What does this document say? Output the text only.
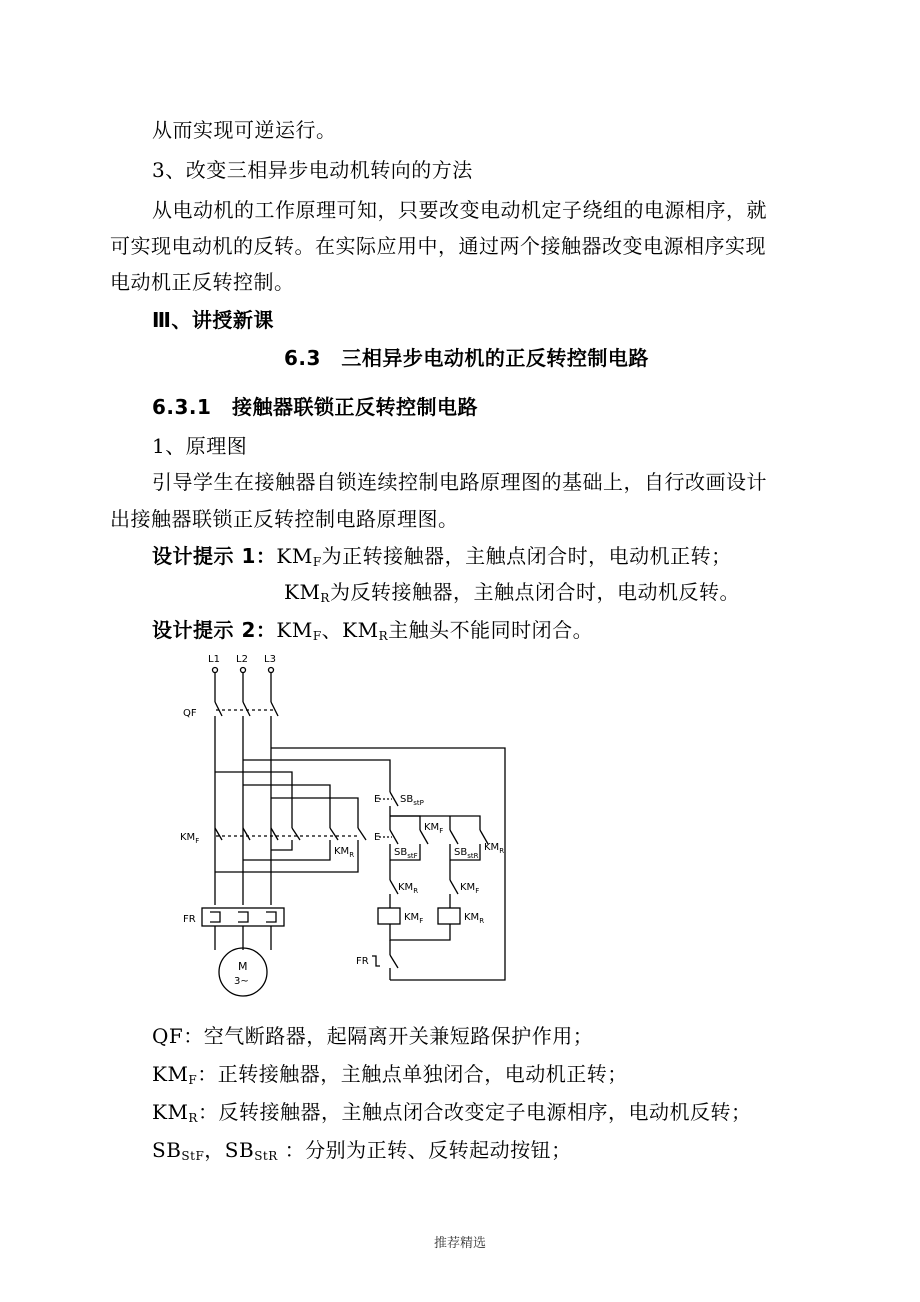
从而实现可逆运行。
3、改变三相异步电动机转向的方法
从电动机的工作原理可知，只要改变电动机定子绕组的电源相序，就
可实现电动机的反转。在实际应用中，通过两个接触器改变电源相序实现
电动机正反转控制。
Ⅲ、讲授新课
6.3　三相异步电动机的正反转控制电路
6.3.1　接触器联锁正反转控制电路
1、原理图
引导学生在接触器自锁连续控制电路原理图的基础上，自行改画设计
出接触器联锁正反转控制电路原理图。
设计提示 1：$KM_F$为正转接触器，主触点闭合时，电动机正转；
$KM_R$为反转接触器，主触点闭合时，电动机反转。
设计提示 2：$KM_F$、$KM_R$主触头不能同时闭合。
L1 L2 L3
QF
$KM_F$
$KM_R$
FR
FR
E
E
$SB_{stP}$
$SB_{stF}$	$SB_{stR}$
$KM_F$
$KM_R$
$KM_R$	$KM_F$
$KM_F$	$KM_R$
M
3~
QF：空气断路器，起隔离开关兼短路保护作用；
$KM_F$：正转接触器，主触点单独闭合，电动机正转；
$KM_R$：反转接触器，主触点闭合改变定子电源相序，电动机反转；
$SB_{StF}$，$SB_{StR}$ ：分别为正转、反转起动按钮；
推荐精选
